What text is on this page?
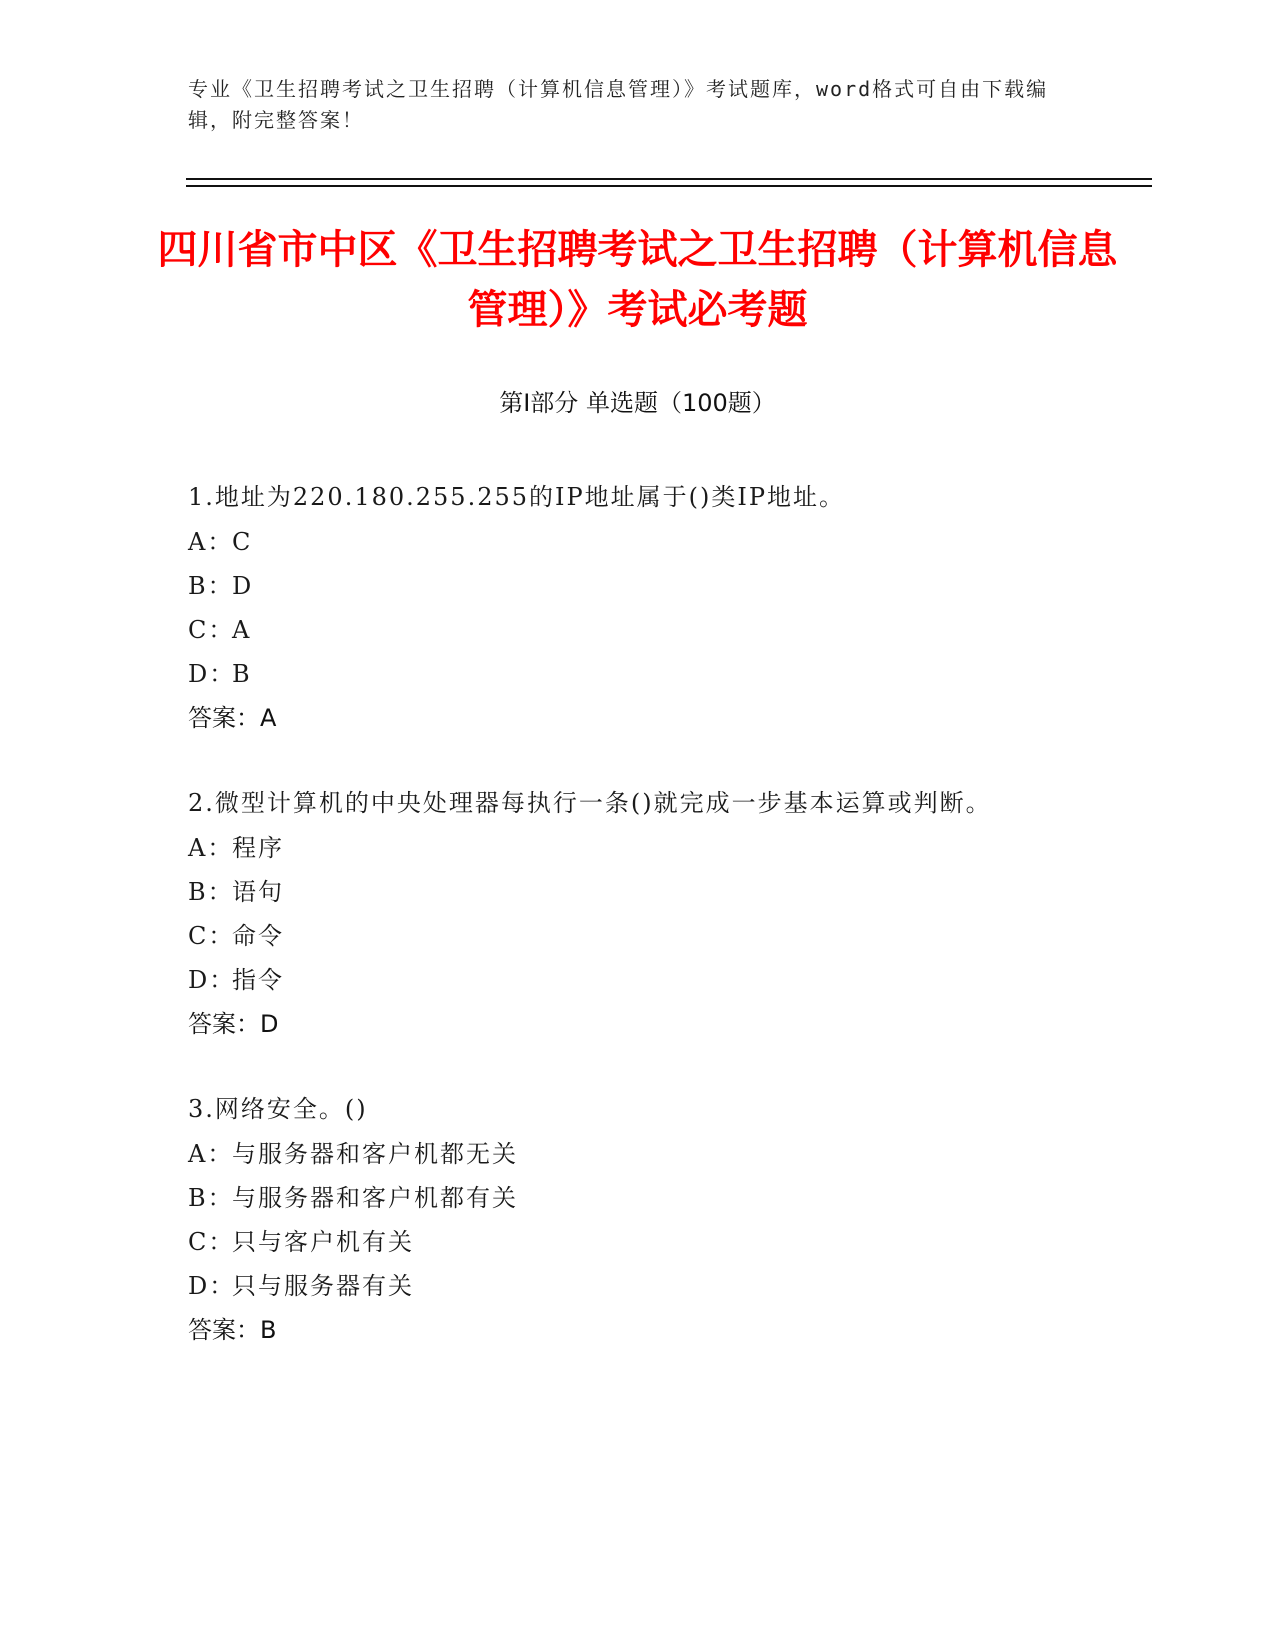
专业《卫生招聘考试之卫生招聘（计算机信息管理）》考试题库，word格式可自由下载编辑，附完整答案！
四川省市中区《卫生招聘考试之卫生招聘（计算机信息管理）》考试必考题
第Ⅰ部分 单选题（100题）
1.地址为220.180.255.255的IP地址属于()类IP地址。
A：C
B：D
C：A
D：B
答案：A
2.微型计算机的中央处理器每执行一条()就完成一步基本运算或判断。
A：程序
B：语句
C：命令
D：指令
答案：D
3.网络安全。()
A：与服务器和客户机都无关
B：与服务器和客户机都有关
C：只与客户机有关
D：只与服务器有关
答案：B
